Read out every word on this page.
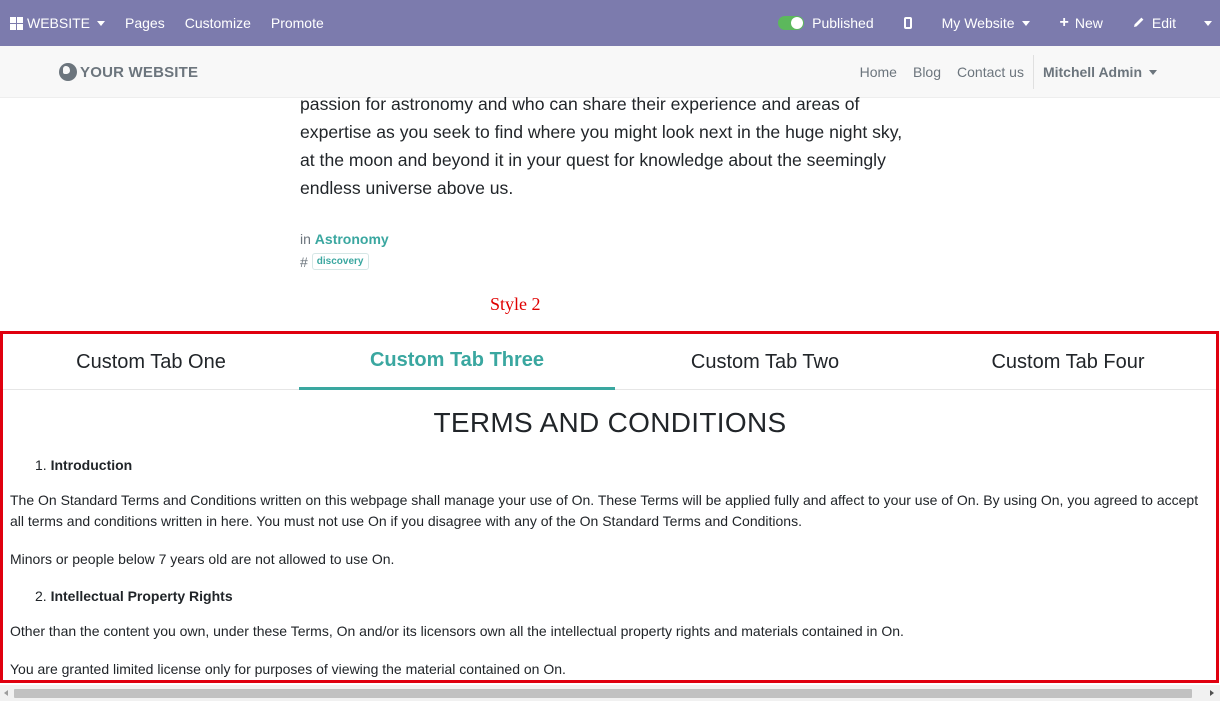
WEBSITE	Pages	Customize	Promote	Published	My Website	+ New	Edit
YOUR WEBSITE	Home	Blog	Contact us	Mitchell Admin
passion for astronomy and who can share their experience and areas of
expertise as you seek to find where you might look next in the huge night sky,
at the moon and beyond it in your quest for knowledge about the seemingly
endless universe above us.
in Astronomy
# discovery
Style 2
Custom Tab One	Custom Tab Three	Custom Tab Two	Custom Tab Four
TERMS AND CONDITIONS
1. Introduction
The On Standard Terms and Conditions written on this webpage shall manage your use of On. These Terms will be applied fully and affect to your use of On. By using On, you agreed to accept all terms and conditions written in here. You must not use On if you disagree with any of the On Standard Terms and Conditions.
Minors or people below 7 years old are not allowed to use On.
2. Intellectual Property Rights
Other than the content you own, under these Terms, On and/or its licensors own all the intellectual property rights and materials contained in On.
You are granted limited license only for purposes of viewing the material contained on On.
